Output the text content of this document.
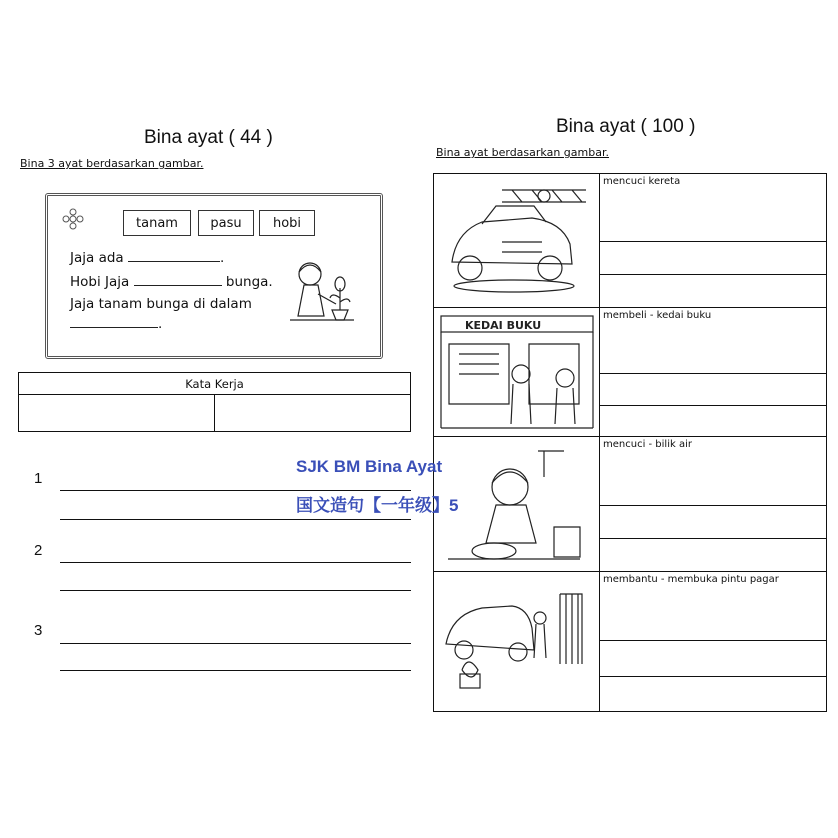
Bina ayat ( 44 )
Bina 3 ayat berdasarkan gambar.
tanam	pasu	hobi
Jaja ada	.
Hobi Jaja	bunga.
Jaja tanam bunga di dalam
.
Kata Kerja

1
2
3
Bina ayat ( 100 )
Bina ayat berdasarkan gambar.
mencuci kereta
KEDAI BUKU
membeli - kedai buku
mencuci - bilik air
membantu - membuka pintu pagar
SJK BM Bina Ayat
国文造句【一年级】5
